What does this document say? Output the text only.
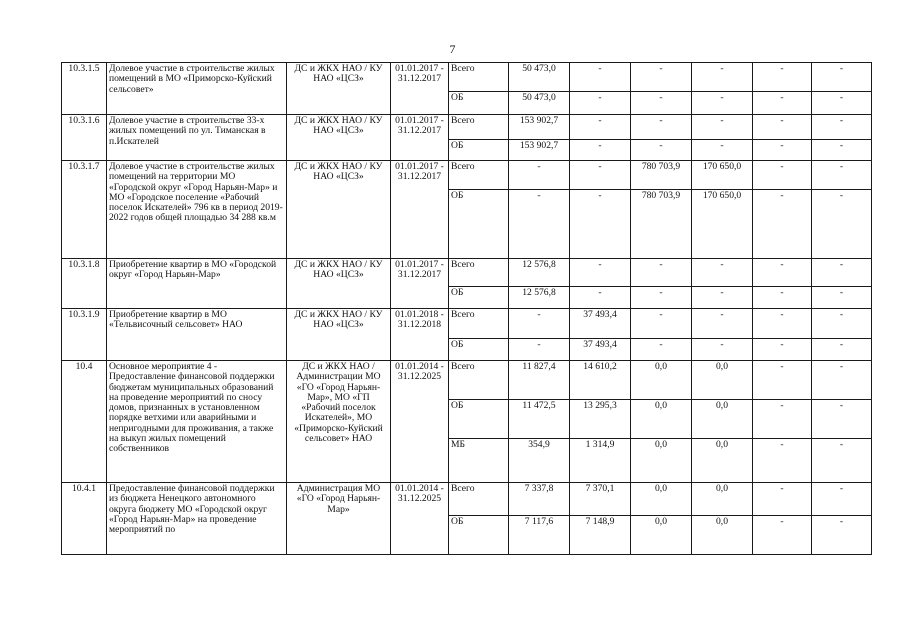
7
10.3.1.5	Долевое участие в строительстве жилых помещений в МО «Приморско-Куйский сельсовет»	ДС и ЖКХ НАО / КУ НАО «ЦСЗ»	01.01.2017 - 31.12.2017	Всего	50 473,0	-	-	-	-	-
				ОБ	50 473,0	-	-	-	-	-
10.3.1.6	Долевое участие в строительстве 33-х жилых помещений по ул. Тиманская в п.Искателей	ДС и ЖКХ НАО / КУ НАО «ЦСЗ»	01.01.2017 - 31.12.2017	Всего	153 902,7	-	-	-	-	-
				ОБ	153 902,7	-	-	-	-	-
10.3.1.7	Долевое участие в строительстве жилых помещений на территории МО «Городской округ «Город Нарьян-Мар» и МО «Городское поселение «Рабочий поселок Искателей» 796 кв в период 2019-2022 годов общей площадью 34 288 кв.м	ДС и ЖКХ НАО / КУ НАО «ЦСЗ»	01.01.2017 - 31.12.2017	Всего	-	-	780 703,9	170 650,0	-	-
				ОБ	-	-	780 703,9	170 650,0	-	-
10.3.1.8	Приобретение квартир в МО «Городской округ «Город Нарьян-Мар»	ДС и ЖКХ НАО / КУ НАО «ЦСЗ»	01.01.2017 - 31.12.2017	Всего	12 576,8	-	-	-	-	-
				ОБ	12 576,8	-	-	-	-	-
10.3.1.9	Приобретение квартир в МО «Тельвисочный сельсовет» НАО	ДС и ЖКХ НАО / КУ НАО «ЦСЗ»	01.01.2018 - 31.12.2018	Всего	-	37 493,4	-	-	-	-
				ОБ	-	37 493,4	-	-	-	-
10.4	Основное мероприятие 4 - Предоставление финансовой поддержки бюджетам муниципальных образований на проведение мероприятий по сносу домов, признанных в установленном порядке ветхими или аварийными и непригодными для проживания, а также на выкуп жилых помещений собственников	ДС и ЖКХ НАО / Администрации МО «ГО «Город Нарьян-Мар», МО «ГП «Рабочий поселок Искателей», МО «Приморско-Куйский сельсовет» НАО	01.01.2014 - 31.12.2025	Всего	11 827,4	14 610,2	0,0	0,0	-	-
				ОБ	11 472,5	13 295,3	0,0	0,0	-	-
				МБ	354,9	1 314,9	0,0	0,0	-	-
10.4.1	Предоставление финансовой поддержки из бюджета Ненецкого автономного округа бюджету МО «Городской округ «Город Нарьян-Мар» на проведение мероприятий по	Администрация МО «ГО «Город Нарьян-Мар»	01.01.2014 - 31.12.2025	Всего	7 337,8	7 370,1	0,0	0,0	-	-
				ОБ	7 117,6	7 148,9	0,0	0,0	-	-
